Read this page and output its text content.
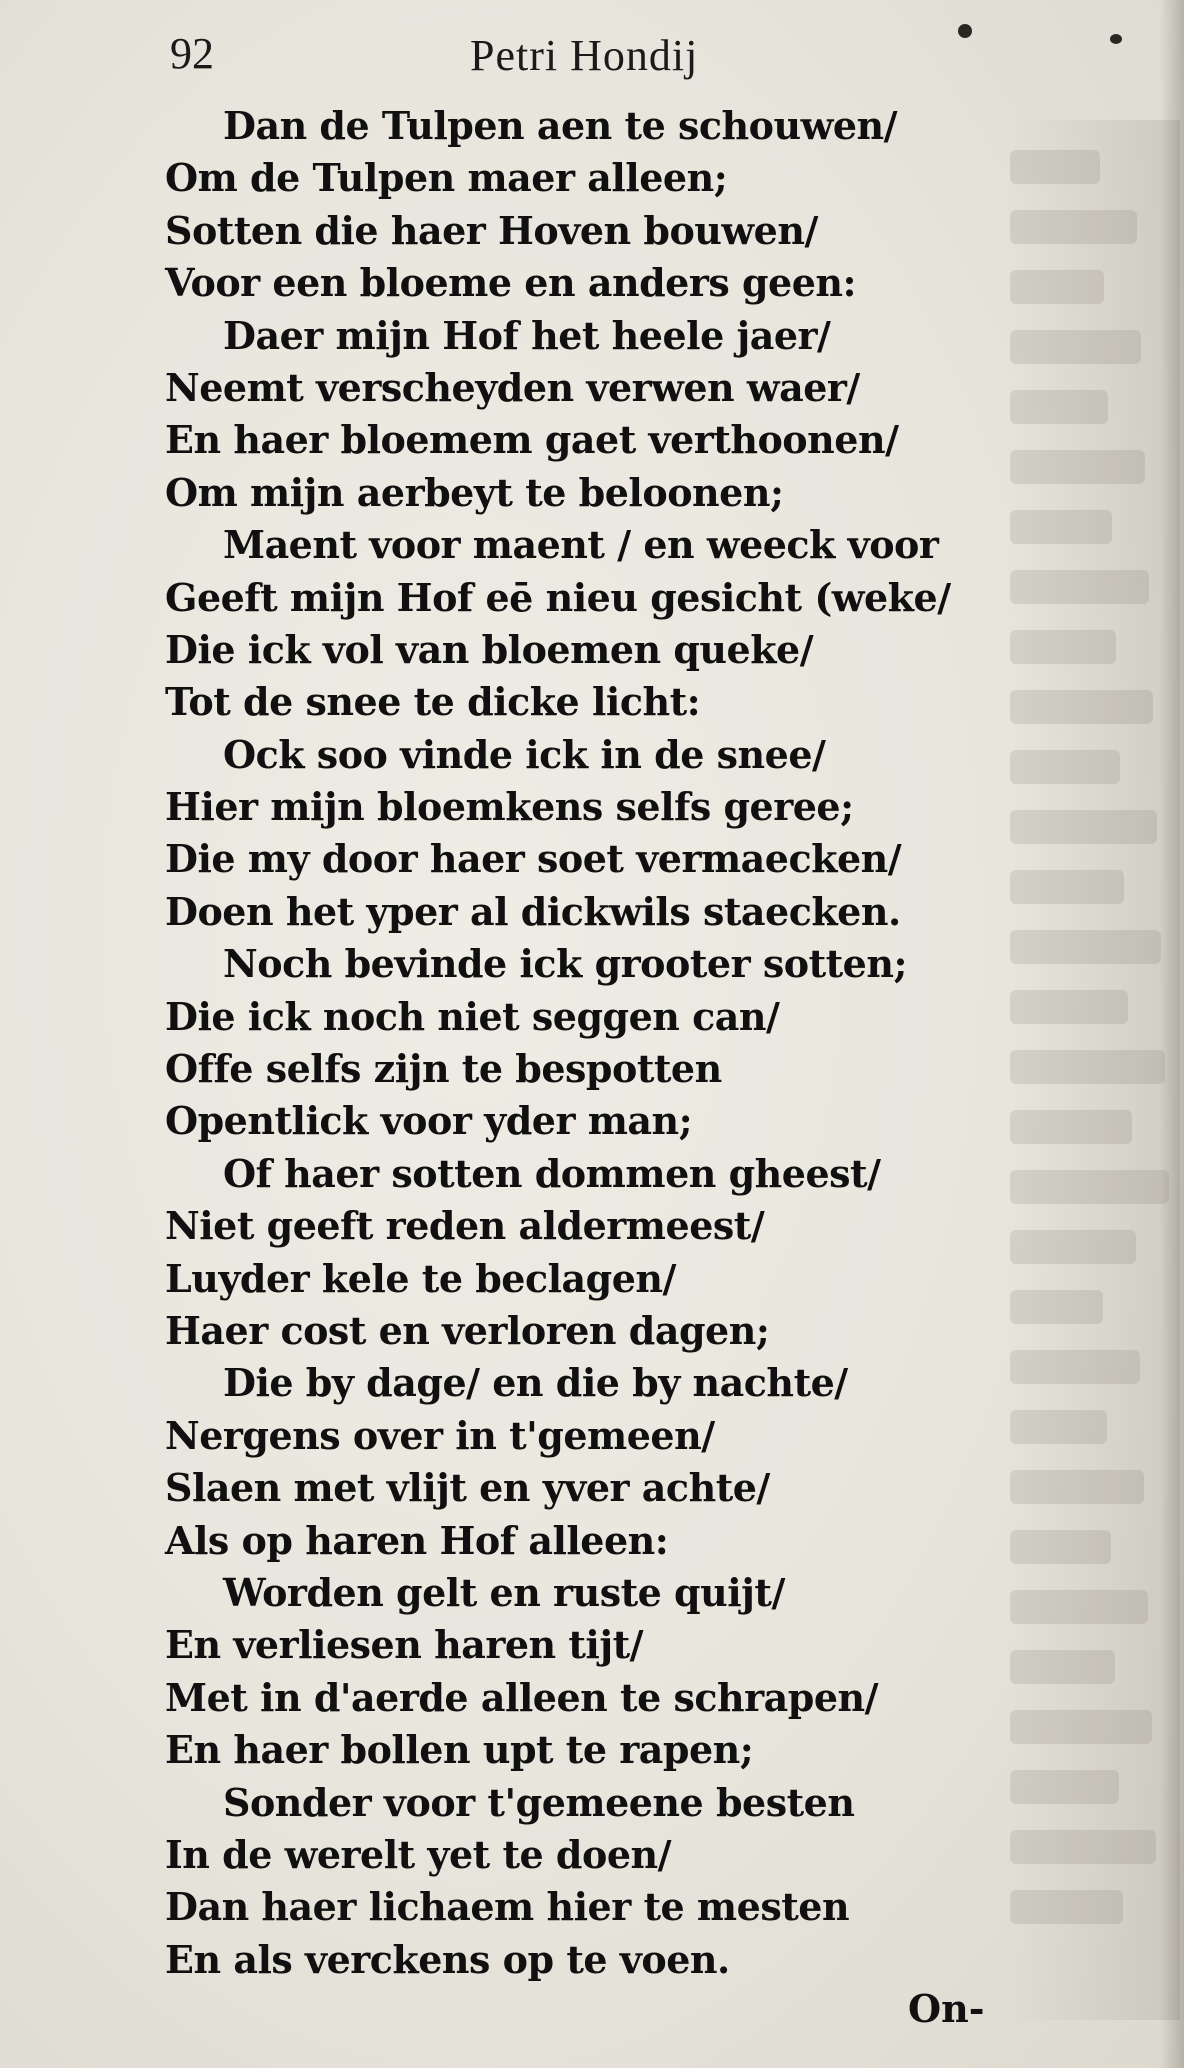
92	Petri Hondij
Dan de Tulpen aen te schouwen/
Om de Tulpen maer alleen;
Sotten die haer Hoven bouwen/
Voor een bloeme en anders geen:
Daer mijn Hof het heele jaer/
Neemt verscheyden verwen waer/
En haer bloemem gaet verthoonen/
Om mijn aerbeyt te beloonen;
Maent voor maent / en weeck voor
Geeft mijn Hof eē nieu gesicht (weke/
Die ick vol van bloemen queke/
Tot de snee te dicke licht:
Ock soo vinde ick in de snee/
Hier mijn bloemkens selfs geree;
Die my door haer soet vermaecken/
Doen het yper al dickwils staecken.
Noch bevinde ick grooter sotten;
Die ick noch niet seggen can/
Offe selfs zijn te bespotten
Opentlick voor yder man;
Of haer sotten dommen gheest/
Niet geeft reden aldermeest/
Luyder kele te beclagen/
Haer cost en verloren dagen;
Die by dage/ en die by nachte/
Nergens over in t'gemeen/
Slaen met vlijt en yver achte/
Als op haren Hof alleen:
Worden gelt en ruste quijt/
En verliesen haren tijt/
Met in d'aerde alleen te schrapen/
En haer bollen upt te rapen;
Sonder voor t'gemeene besten
In de werelt yet te doen/
Dan haer lichaem hier te mesten
En als verckens op te voen.
On-
